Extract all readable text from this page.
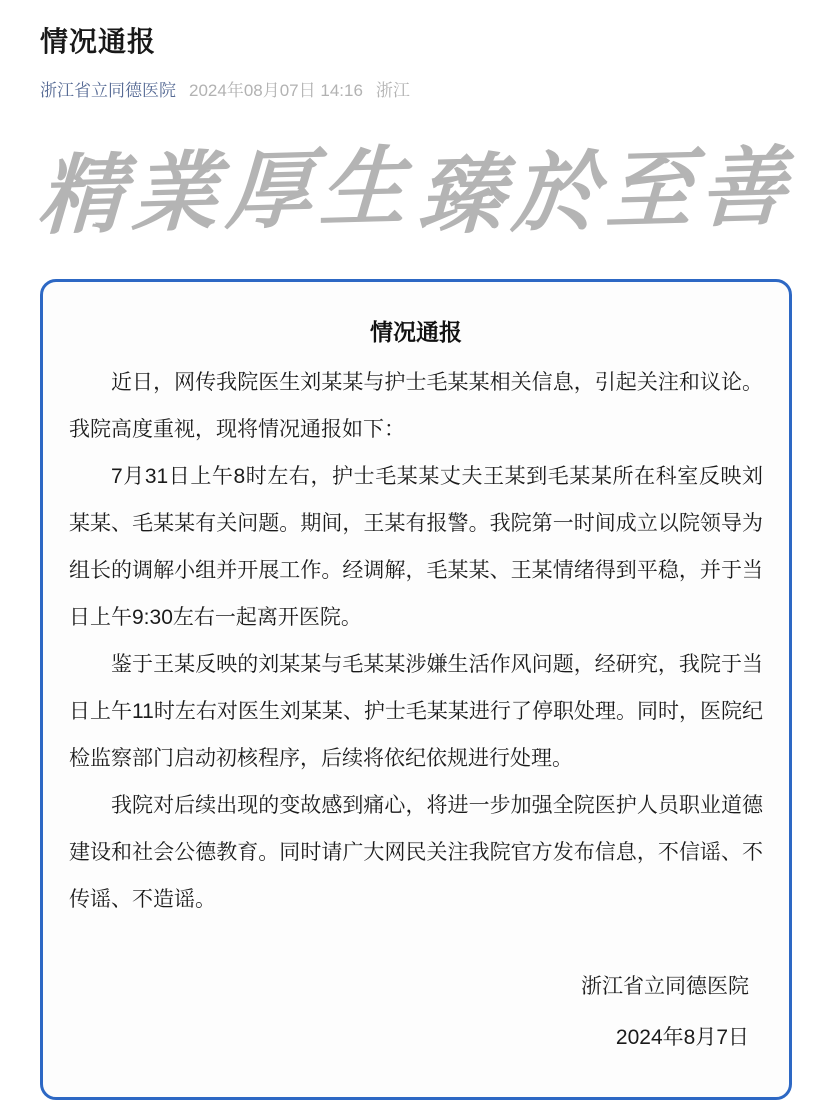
情况通报
浙江省立同德医院 2024年08月07日 14:16 浙江
精業厚生 臻於至善
情况通报

近日，网传我院医生刘某某与护士毛某某相关信息，引起关注和议论。我院高度重视，现将情况通报如下：

7月31日上午8时左右，护士毛某某丈夫王某到毛某某所在科室反映刘某某、毛某某有关问题。期间，王某有报警。我院第一时间成立以院领导为组长的调解小组并开展工作。经调解，毛某某、王某情绪得到平稳，并于当日上午9:30左右一起离开医院。

鉴于王某反映的刘某某与毛某某涉嫌生活作风问题，经研究，我院于当日上午11时左右对医生刘某某、护士毛某某进行了停职处理。同时，医院纪检监察部门启动初核程序，后续将依纪依规进行处理。

我院对后续出现的变故感到痛心，将进一步加强全院医护人员职业道德建设和社会公德教育。同时请广大网民关注我院官方发布信息，不信谣、不传谣、不造谣。

浙江省立同德医院
2024年8月7日
